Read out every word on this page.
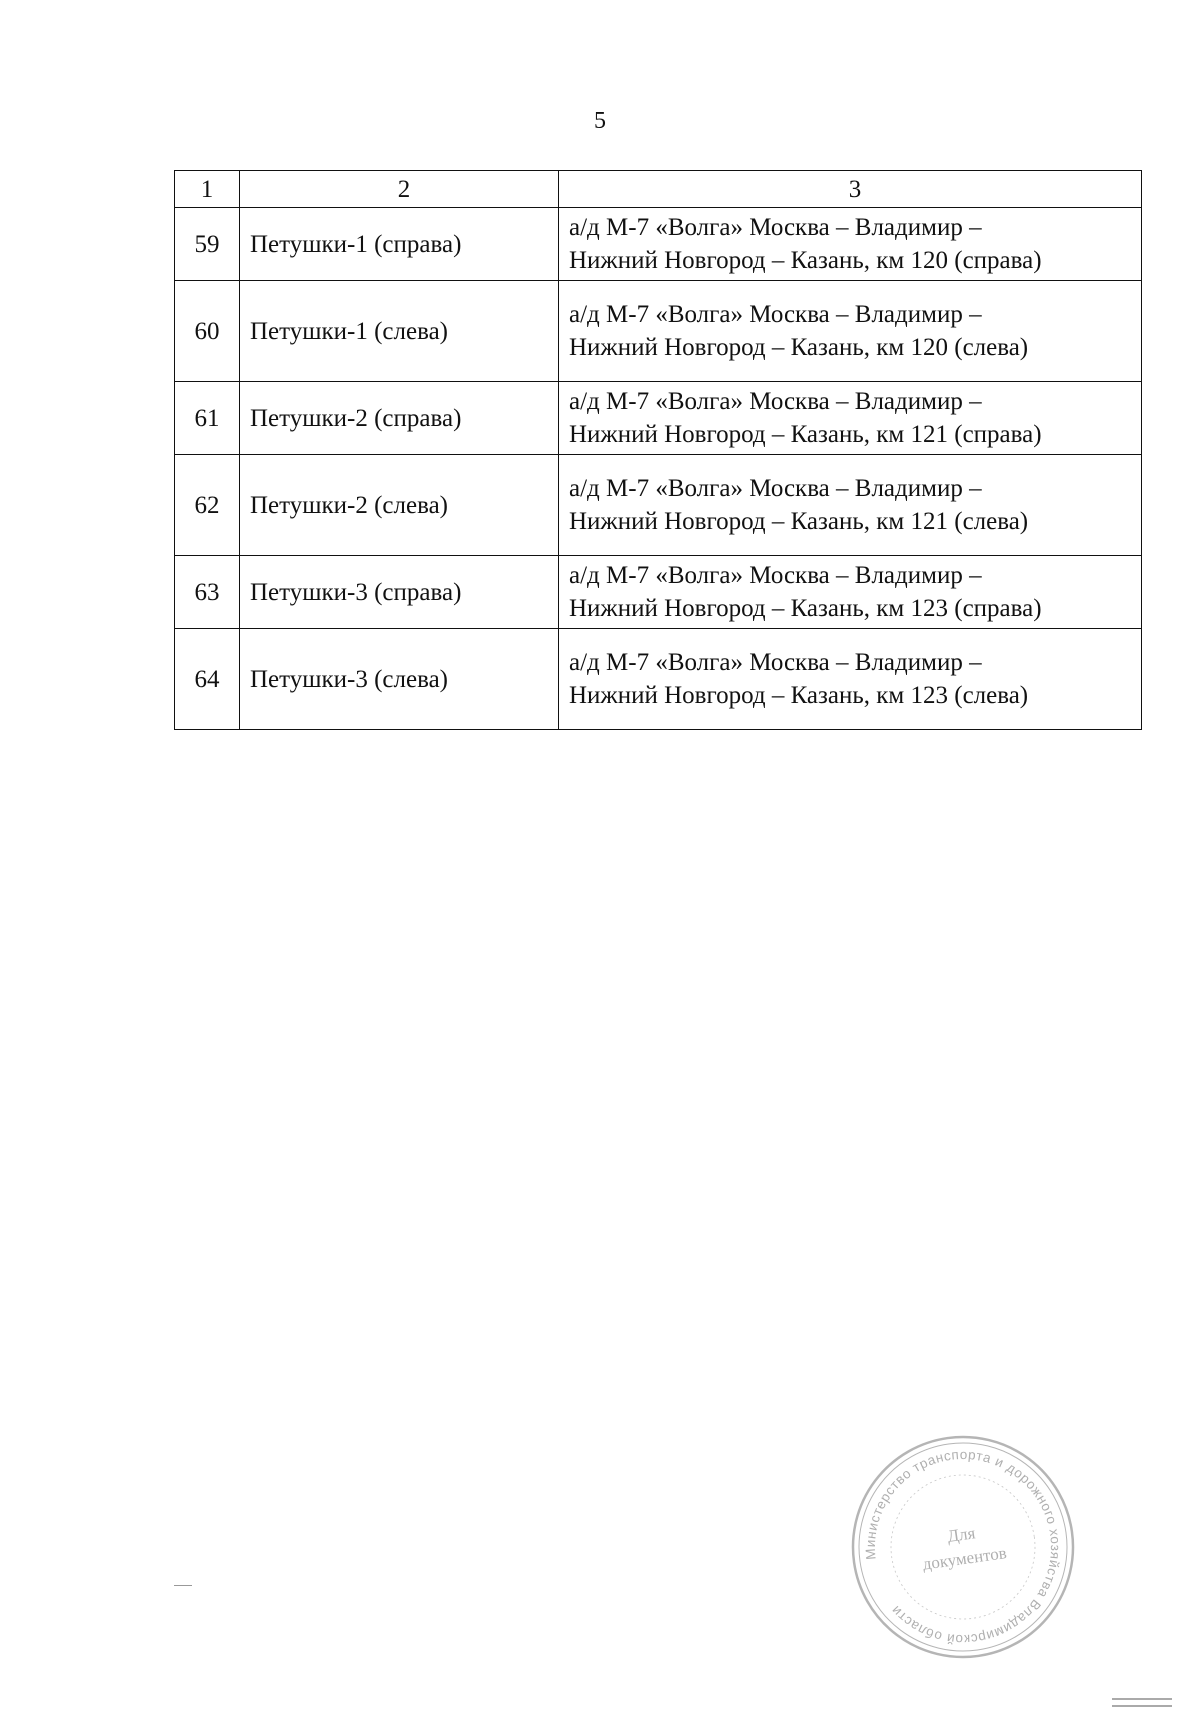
5
1	2	3
59	Петушки-1 (справа)	а/д М-7 «Волга» Москва – Владимир –
Нижний Новгород – Казань, км 120 (справа)

60	Петушки-1 (слева)	а/д М-7 «Волга» Москва – Владимир –
Нижний Новгород – Казань, км 120 (слева)

61	Петушки-2 (справа)	а/д М-7 «Волга» Москва – Владимир –
Нижний Новгород – Казань, км 121 (справа)

62	Петушки-2 (слева)	а/д М-7 «Волга» Москва – Владимир –
Нижний Новгород – Казань, км 121 (слева)

63	Петушки-3 (справа)	а/д М-7 «Волга» Москва – Владимир –
Нижний Новгород – Казань, км 123 (справа)

64	Петушки-3 (слева)	а/д М-7 «Волга» Москва – Владимир –
Нижний Новгород – Казань, км 123 (слева)
Министерство транспорта и дорожного хозяйства Владимирской области
Для
документов
